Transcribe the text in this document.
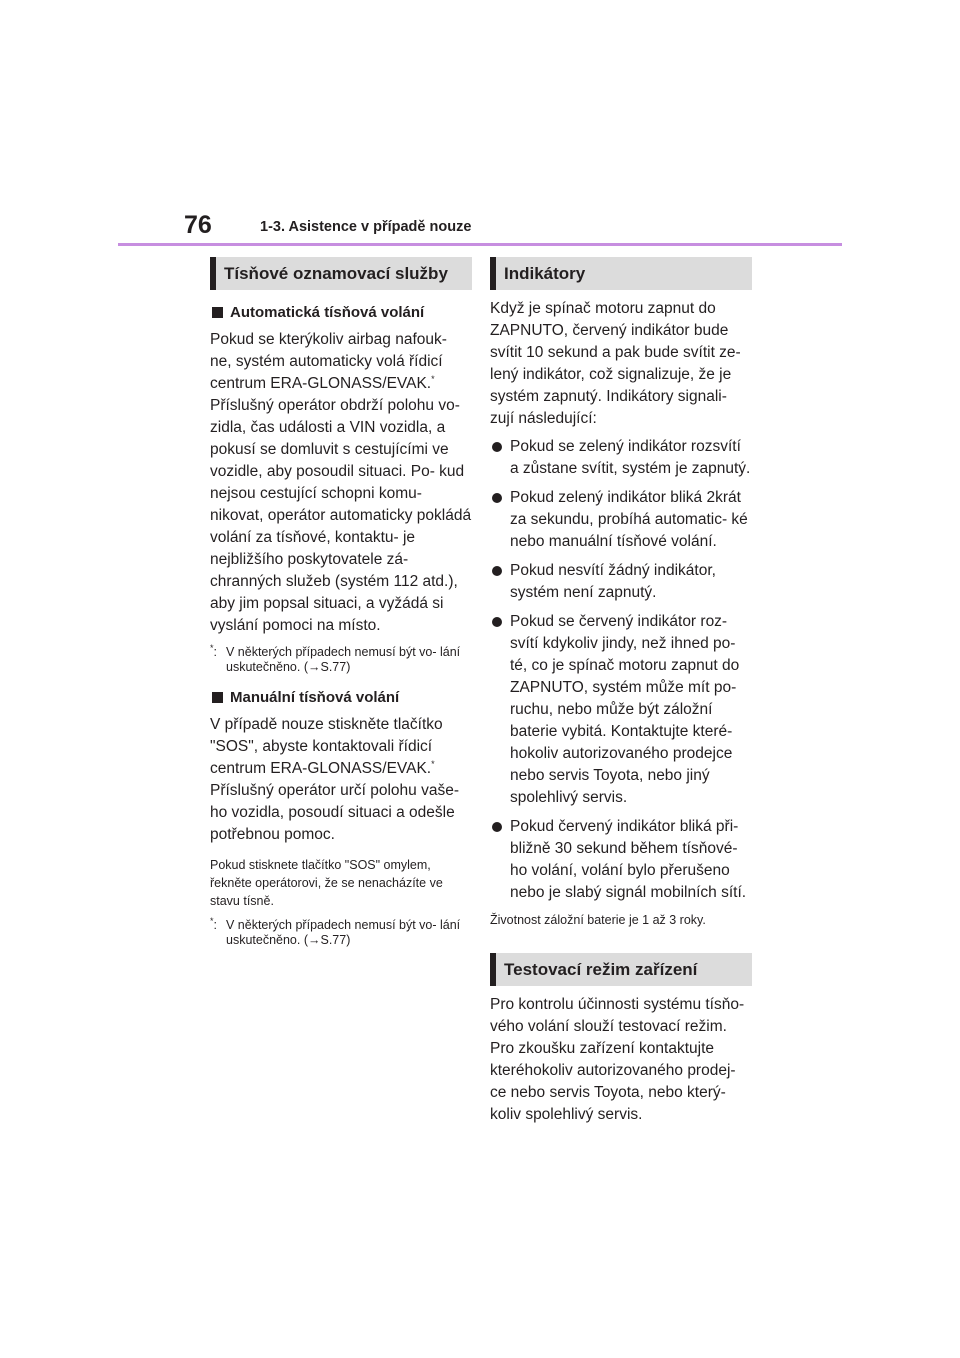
76	1-3. Asistence v případě nouze
Tísňové oznamovací služby
Automatická tísňová volání

Pokud se kterýkoliv airbag nafouk- ne, systém automaticky volá řídicí centrum ERA-GLONASS/EVAK.* Příslušný operátor obdrží polohu vo- zidla, čas události a VIN vozidla, a pokusí se domluvit s cestujícími ve vozidle, aby posoudil situaci. Po- kud nejsou cestující schopni komu- nikovat, operátor automaticky pokládá volání za tísňové, kontaktu- je nejbližšího poskytovatele zá- chranných služeb (systém 112 atd.), aby jim popsal situaci, a vyžádá si vyslání pomoci na místo.

*: V některých případech nemusí být vo- lání uskutečněno. (→S.77)
Manuální tísňová volání

V případě nouze stiskněte tlačítko "SOS", abyste kontaktovali řídicí centrum ERA-GLONASS/EVAK.* Příslušný operátor určí polohu vaše- ho vozidla, posoudí situaci a odešle potřebnou pomoc.

Pokud stisknete tlačítko "SOS" omylem, řekněte operátorovi, že se nenacházíte ve stavu tísně.

*: V některých případech nemusí být vo- lání uskutečněno. (→S.77)
Indikátory

Když je spínač motoru zapnut do ZAPNUTO, červený indikátor bude svítit 10 sekund a pak bude svítit ze- lený indikátor, což signalizuje, že je systém zapnutý. Indikátory signali- zují následující:

Pokud se zelený indikátor rozsvítí a zůstane svítit, systém je zapnutý.
Pokud zelený indikátor bliká 2krát za sekundu, probíhá automatic- ké nebo manuální tísňové volání.
Pokud nesvítí žádný indikátor, systém není zapnutý.
Pokud se červený indikátor roz- svítí kdykoliv jindy, než ihned po- té, co je spínač motoru zapnut do ZAPNUTO, systém může mít po- ruchu, nebo může být záložní baterie vybitá. Kontaktujte které- hokoliv autorizovaného prodejce nebo servis Toyota, nebo jiný spolehlivý servis.
Pokud červený indikátor bliká při- bližně 30 sekund během tísňové- ho volání, volání bylo přerušeno nebo je slabý signál mobilních sítí.

Životnost záložní baterie je 1 až 3 roky.

Testovací režim zařízení

Pro kontrolu účinnosti systému tísňo- vého volání slouží testovací režim. Pro zkoušku zařízení kontaktujte kteréhokoliv autorizovaného prodej- ce nebo servis Toyota, nebo který- koliv spolehlivý servis.
